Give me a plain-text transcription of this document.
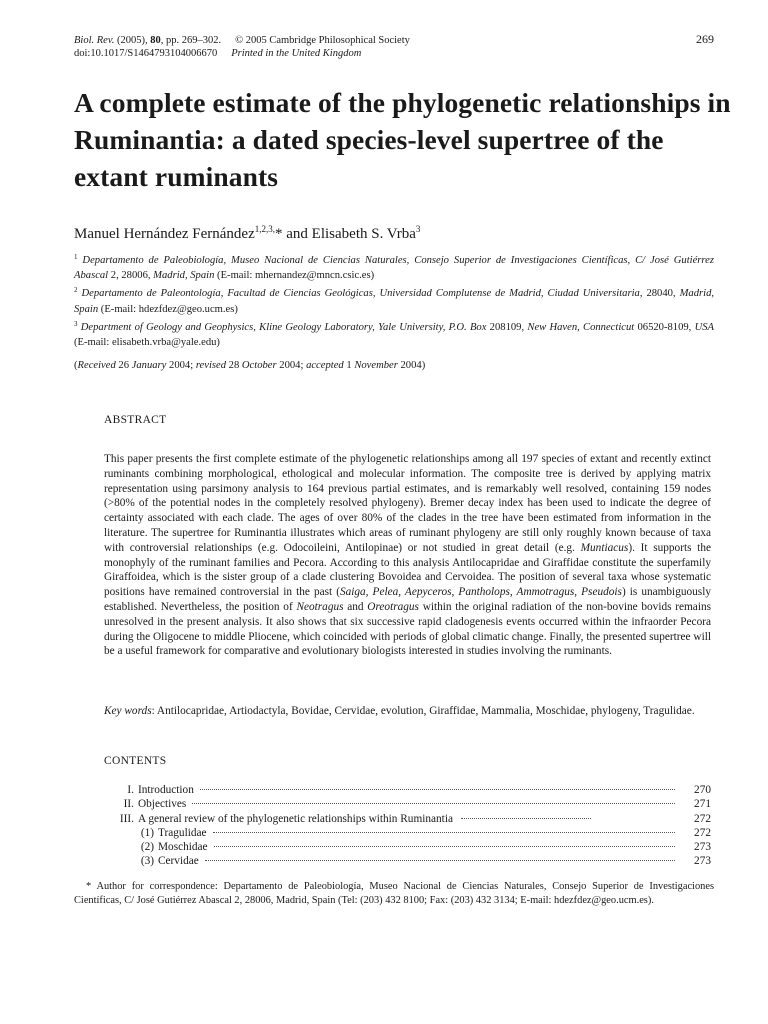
Biol. Rev. (2005), 80, pp. 269–302. © 2005 Cambridge Philosophical Society
doi:10.1017/S1464793104006670 Printed in the United Kingdom
269
A complete estimate of the phylogenetic relationships in Ruminantia: a dated species-level supertree of the extant ruminants
Manuel Hernández Fernández$^{1,2,3,}$* and Elisabeth S. Vrba$^3$

$^1$ Departamento de Paleobiología, Museo Nacional de Ciencias Naturales, Consejo Superior de Investigaciones Científicas, C/ José Gutiérrez Abascal 2, 28006, Madrid, Spain (E-mail: mhernandez@mncn.csic.es)

$^2$ Departamento de Paleontología, Facultad de Ciencias Geológicas, Universidad Complutense de Madrid, Ciudad Universitaria, 28040, Madrid, Spain (E-mail: hdezfdez@geo.ucm.es)

$^3$ Department of Geology and Geophysics, Kline Geology Laboratory, Yale University, P.O. Box 208109, New Haven, Connecticut 06520-8109, USA (E-mail: elisabeth.vrba@yale.edu)

(Received 26 January 2004; revised 28 October 2004; accepted 1 November 2004)
ABSTRACT
This paper presents the first complete estimate of the phylogenetic relationships among all 197 species of extant and recently extinct ruminants combining morphological, ethological and molecular information. The composite tree is derived by applying matrix representation using parsimony analysis to 164 previous partial estimates, and is remarkably well resolved, containing 159 nodes (>80% of the potential nodes in the completely resolved phylogeny). Bremer decay index has been used to indicate the degree of certainty associated with each clade. The ages of over 80% of the clades in the tree have been estimated from information in the literature. The supertree for Ruminantia illustrates which areas of ruminant phylogeny are still only roughly known because of taxa with controversial relationships (e.g. Odocoileini, Antilopinae) or not studied in great detail (e.g. Muntiacus). It supports the monophyly of the ruminant families and Pecora. According to this analysis Antilocapridae and Giraffidae constitute the superfamily Giraffoidea, which is the sister group of a clade clustering Bovoidea and Cervoidea. The position of several taxa whose systematic positions have remained controversial in the past (Saiga, Pelea, Aepyceros, Pantholops, Ammotragus, Pseudois) is unambiguously established. Nevertheless, the position of Neotragus and Oreotragus within the original radiation of the non-bovine bovids remains unresolved in the present analysis. It also shows that six successive rapid cladogenesis events occurred within the infraorder Pecora during the Oligocene to middle Pliocene, which coincided with periods of global climatic change. Finally, the presented supertree will be a useful framework for comparative and evolutionary biologists interested in studies involving the ruminants.
Key words: Antilocapridae, Artiodactyla, Bovidae, Cervidae, evolution, Giraffidae, Mammalia, Moschidae, phylogeny, Tragulidae.
CONTENTS
I. Introduction	270
II. Objectives	271
III. A general review of the phylogenetic relationships within Ruminantia	272
(1) Tragulidae	272
(2) Moschidae	273
(3) Cervidae	273
* Author for correspondence: Departamento de Paleobiología, Museo Nacional de Ciencias Naturales, Consejo Superior de Investigaciones Científicas, C/ José Gutiérrez Abascal 2, 28006, Madrid, Spain (Tel: (203) 432 8100; Fax: (203) 432 3134; E-mail: hdezfdez@geo.ucm.es).
